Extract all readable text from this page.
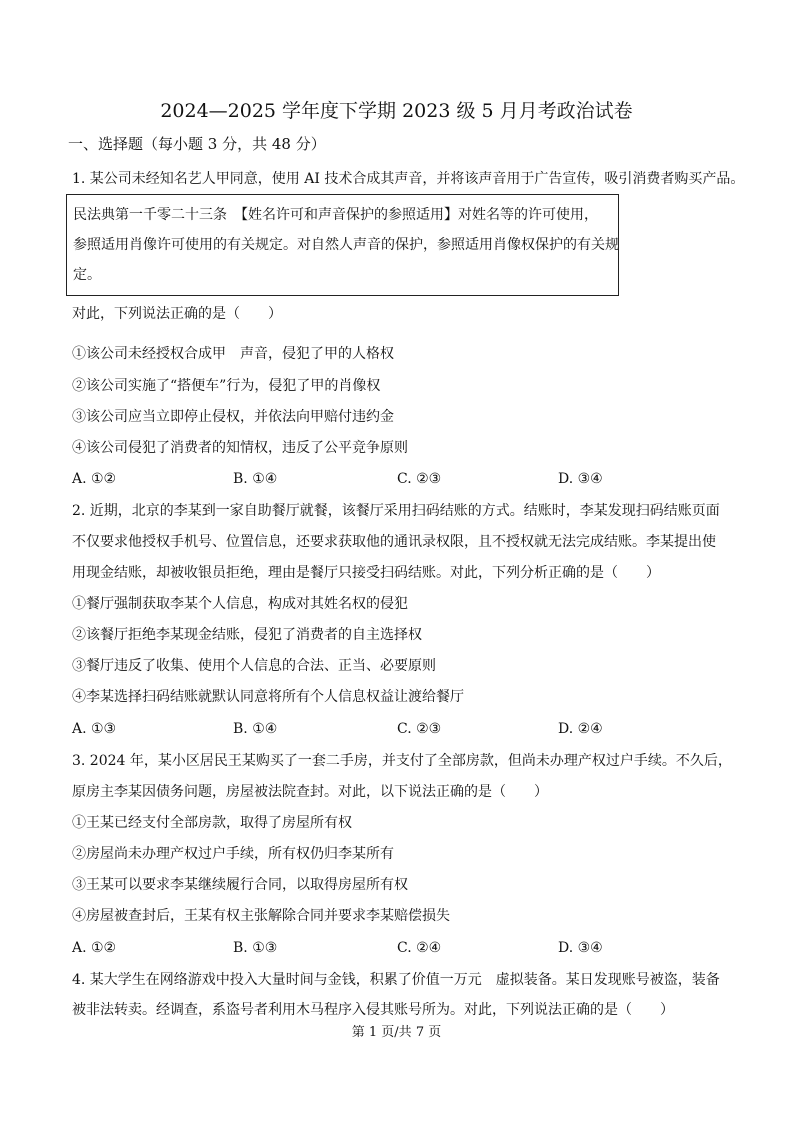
2024—2025 学年度下学期 2023 级 5 月月考政治试卷
一、选择题（每小题 3 分，共 48 分）
1. 某公司未经知名艺人甲同意，使用 AI 技术合成其声音，并将该声音用于广告宣传，吸引消费者购买产品。
民法典第一千零二十三条　【姓名许可和声音保护的参照适用】对姓名等的许可使用，
参照适用肖像许可使用的有关规定。对自然人声音的保护，参照适用肖像权保护的有关规
定。
对此，下列说法正确的是（　　）
①该公司未经授权合成甲　声音，侵犯了甲的人格权
②该公司实施了“搭便车”行为，侵犯了甲的肖像权
③该公司应当立即停止侵权，并依法向甲赔付违约金
④该公司侵犯了消费者的知情权，违反了公平竞争原则
A. ①②	B. ①④	C. ②③	D. ③④
2. 近期，北京的李某到一家自助餐厅就餐，该餐厅采用扫码结账的方式。结账时，李某发现扫码结账页面
不仅要求他授权手机号、位置信息，还要求获取他的通讯录权限，且不授权就无法完成结账。李某提出使
用现金结账，却被收银员拒绝，理由是餐厅只接受扫码结账。对此，下列分析正确的是（　　）
①餐厅强制获取李某个人信息，构成对其姓名权的侵犯
②该餐厅拒绝李某现金结账，侵犯了消费者的自主选择权
③餐厅违反了收集、使用个人信息的合法、正当、必要原则
④李某选择扫码结账就默认同意将所有个人信息权益让渡给餐厅
A. ①③	B. ①④	C. ②③	D. ②④
3. 2024 年，某小区居民王某购买了一套二手房，并支付了全部房款，但尚未办理产权过户手续。不久后，
原房主李某因债务问题，房屋被法院查封。对此，以下说法正确的是（　　）
①王某已经支付全部房款，取得了房屋所有权
②房屋尚未办理产权过户手续，所有权仍归李某所有
③王某可以要求李某继续履行合同，以取得房屋所有权
④房屋被查封后，王某有权主张解除合同并要求李某赔偿损失
A. ①②	B. ①③	C. ②④	D. ③④
4. 某大学生在网络游戏中投入大量时间与金钱，积累了价值一万元　虚拟装备。某日发现账号被盗，装备
被非法转卖。经调查，系盗号者利用木马程序入侵其账号所为。对此，下列说法正确的是（　　）
第 1 页/共 7 页
